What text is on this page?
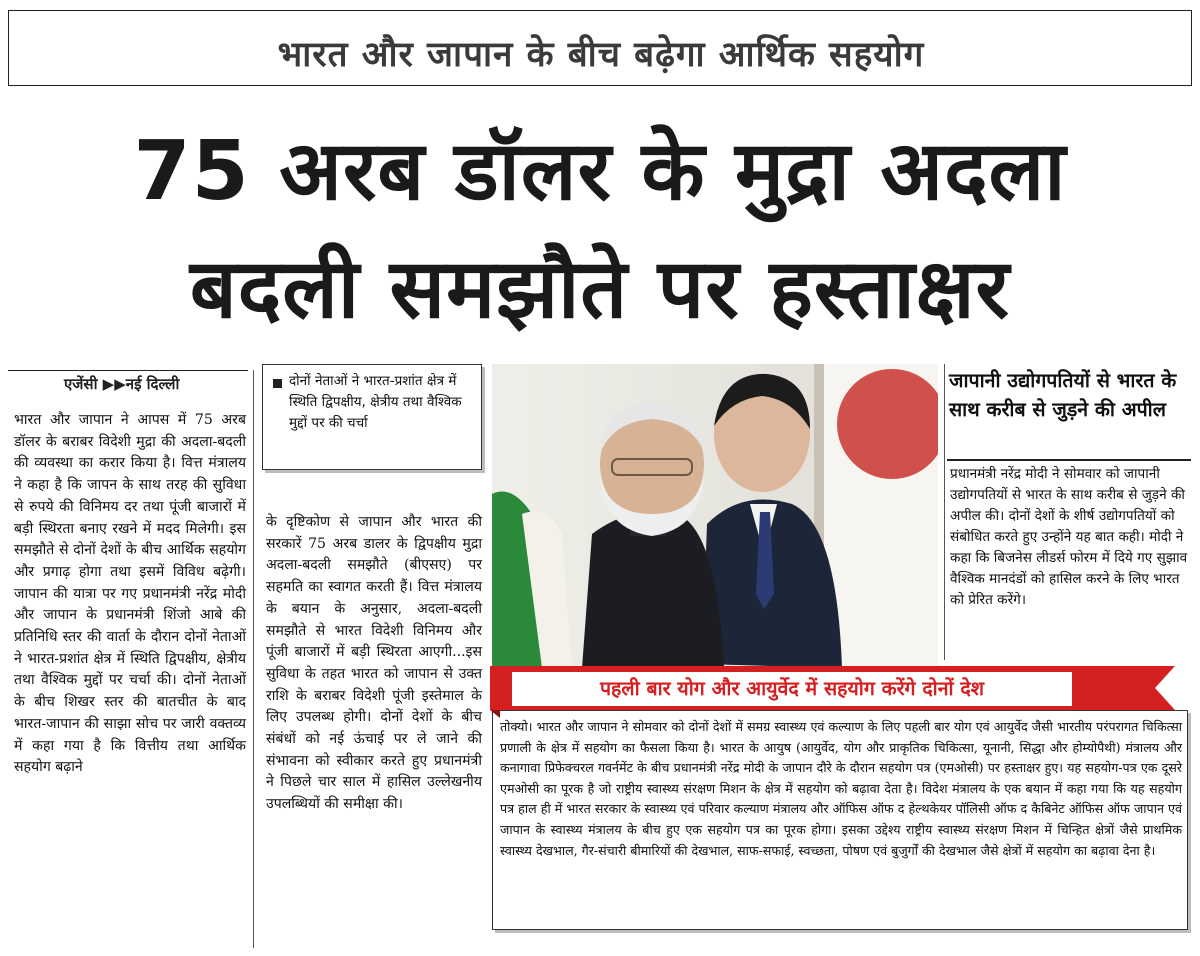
भारत और जापान के बीच बढ़ेगा आर्थिक सहयोग
75 अरब डॉलर के मुद्रा अदला
बदली समझौते पर हस्ताक्षर
एजेंसी ▶▶नई दिल्ली
भारत और जापान ने आपस में 75 अरब डॉलर के बराबर विदेशी मुद्रा की अदला-बदली की व्यवस्था का करार किया है। वित्त मंत्रालय ने कहा है कि जापन के साथ तरह की सुविधा से रुपये की विनिमय दर तथा पूंजी बाजारों में बड़ी स्थिरता बनाए रखने में मदद मिलेगी। इस समझौते से दोनों देशों के बीच आर्थिक सहयोग और प्रगाढ़ होगा तथा इसमें विविध बढ़ेगी। जापान की यात्रा पर गए प्रधानमंत्री नरेंद्र मोदी और जापान के प्रधानमंत्री शिंजो आबे की प्रतिनिधि स्तर की वार्ता के दौरान दोनों नेताओं ने भारत-प्रशांत क्षेत्र में स्थिति द्विपक्षीय, क्षेत्रीय तथा वैश्विक मुद्दों पर चर्चा की। दोनों नेताओं के बीच शिखर स्तर की बातचीत के बाद भारत-जापान की साझा सोच पर जारी वक्तव्य में कहा गया है कि वित्तीय तथा आर्थिक सहयोग बढ़ाने
दोनों नेताओं ने भारत-प्रशांत क्षेत्र में स्थिति द्विपक्षीय, क्षेत्रीय तथा वैश्विक मुद्दों पर की चर्चा
के दृष्टिकोण से जापान और भारत की सरकारें 75 अरब डालर के द्विपक्षीय मुद्रा अदला-बदली समझौते (बीएसए) पर सहमति का स्वागत करती हैं। वित्त मंत्रालय के बयान के अनुसार, अदला-बदली समझौते से भारत विदेशी विनिमय और पूंजी बाजारों में बड़ी स्थिरता आएगी...इस सुविधा के तहत भारत को जापान से उक्त राशि के बराबर विदेशी पूंजी इस्तेमाल के लिए उपलब्ध होगी। दोनों देशों के बीच संबंधों को नई ऊंचाई पर ले जाने की संभावना को स्वीकार करते हुए प्रधानमंत्री ने पिछले चार साल में हासिल उल्लेखनीय उपलब्धियों की समीक्षा की।
जापानी उद्योगपतियों से भारत के साथ करीब से जुड़ने की अपील
प्रधानमंत्री नरेंद्र मोदी ने सोमवार को जापानी उद्योगपतियों से भारत के साथ करीब से जुड़ने की अपील की। दोनों देशों के शीर्ष उद्योगपतियों को संबोधित करते हुए उन्होंने यह बात कही। मोदी ने कहा कि बिजनेस लीडर्स फोरम में दिये गए सुझाव वैश्विक मानदंडों को हासिल करने के लिए भारत को प्रेरित करेंगे।
पहली बार योग और आयुर्वेद में सहयोग करेंगे दोनों देश
तोक्यो। भारत और जापान ने सोमवार को दोनों देशों में समग्र स्वास्थ्य एवं कल्याण के लिए पहली बार योग एवं आयुर्वेद जैसी भारतीय परंपरागत चिकित्सा प्रणाली के क्षेत्र में सहयोग का फैसला किया है। भारत के आयुष (आयुर्वेद, योग और प्राकृतिक चिकित्सा, यूनानी, सिद्धा और होम्योपैथी) मंत्रालय और कनागावा प्रिफेक्चरल गवर्नमेंट के बीच प्रधानमंत्री नरेंद्र मोदी के जापान दौरे के दौरान सहयोग पत्र (एमओसी) पर हस्ताक्षर हुए। यह सहयोग-पत्र एक दूसरे एमओसी का पूरक है जो राष्ट्रीय स्वास्थ्य संरक्षण मिशन के क्षेत्र में सहयोग को बढ़ावा देता है। विदेश मंत्रालय के एक बयान में कहा गया कि यह सहयोग पत्र हाल ही में भारत सरकार के स्वास्थ्य एवं परिवार कल्याण मंत्रालय और ऑफिस ऑफ द हेल्थकेयर पॉलिसी ऑफ द कैबिनेट ऑफिस ऑफ जापान एवं जापान के स्वास्थ्य मंत्रालय के बीच हुए एक सहयोग पत्र का पूरक होगा। इसका उद्देश्य राष्ट्रीय स्वास्थ्य संरक्षण मिशन में चिन्हित क्षेत्रों जैसे प्राथमिक स्वास्थ्य देखभाल, गैर-संचारी बीमारियों की देखभाल, साफ-सफाई, स्वच्छता, पोषण एवं बुजुर्गों की देखभाल जैसे क्षेत्रों में सहयोग का बढ़ावा देना है।
